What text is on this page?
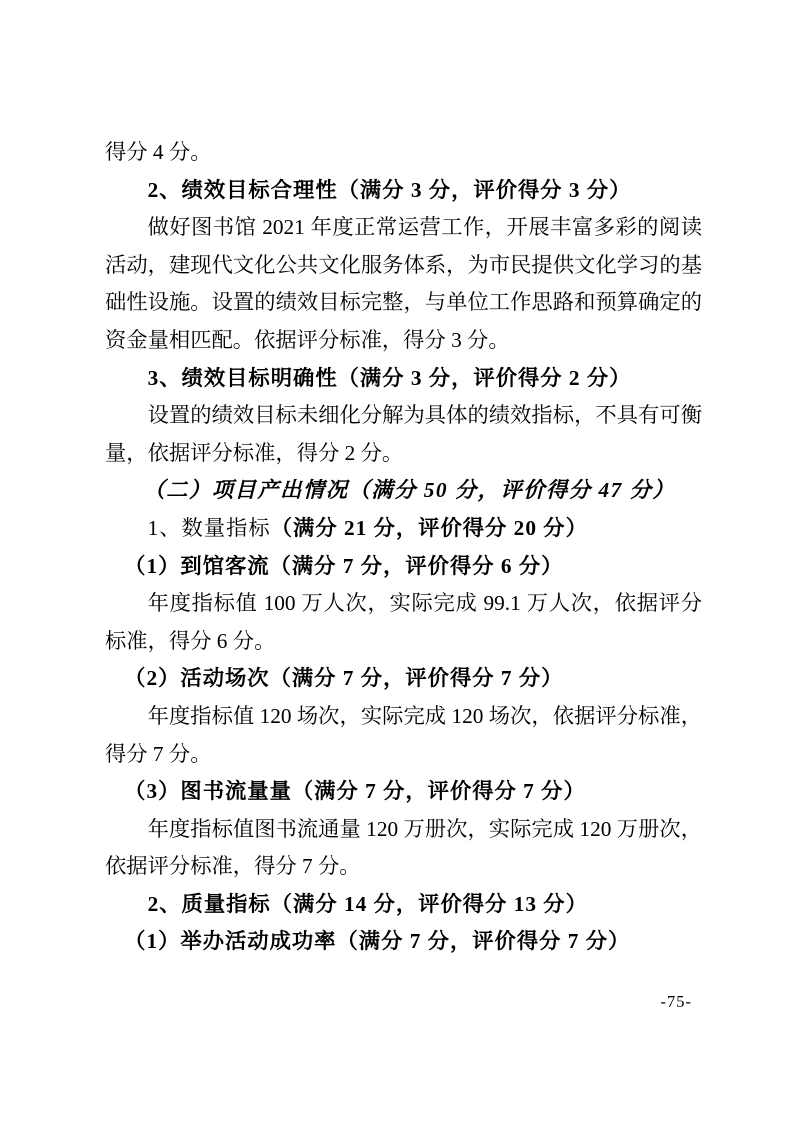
得分 4 分。

2、绩效目标合理性（满分 3 分，评价得分 3 分）

做好图书馆 2021 年度正常运营工作，开展丰富多彩的阅读活动，建现代文化公共文化服务体系，为市民提供文化学习的基础性设施。设置的绩效目标完整，与单位工作思路和预算确定的资金量相匹配。依据评分标准，得分 3 分。

3、绩效目标明确性（满分 3 分，评价得分 2 分）

设置的绩效目标未细化分解为具体的绩效指标，不具有可衡量，依据评分标准，得分 2 分。

（二）项目产出情况（满分 50 分，评价得分 47 分）

1、数量指标（满分 21 分，评价得分 20 分）

（1）到馆客流（满分 7 分，评价得分 6 分）

年度指标值 100 万人次，实际完成 99.1 万人次，依据评分标准，得分 6 分。

（2）活动场次（满分 7 分，评价得分 7 分）

年度指标值 120 场次，实际完成 120 场次，依据评分标准，得分 7 分。

（3）图书流量量（满分 7 分，评价得分 7 分）

年度指标值图书流通量 120 万册次，实际完成 120 万册次，依据评分标准，得分 7 分。

2、质量指标（满分 14 分，评价得分 13 分）

（1）举办活动成功率（满分 7 分，评价得分 7 分）

-75-
